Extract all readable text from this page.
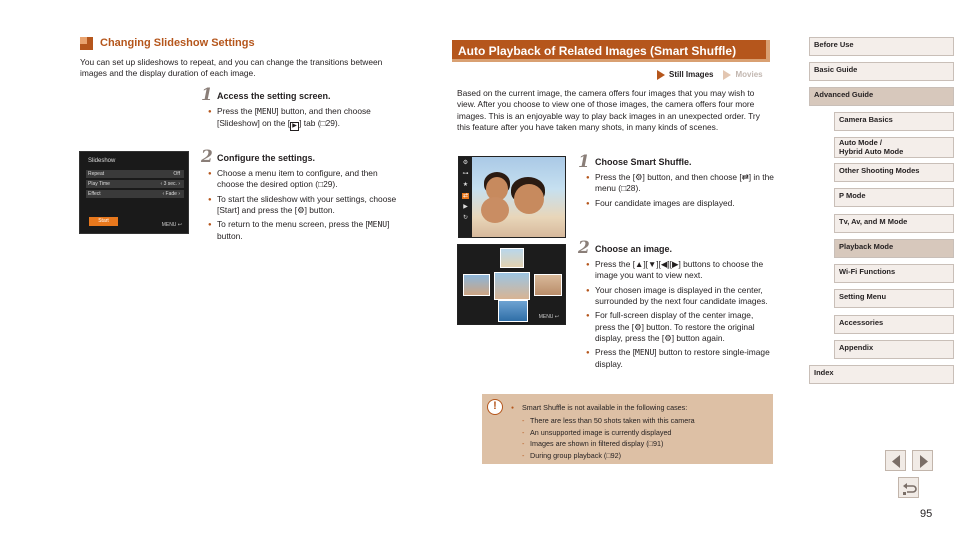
Changing Slideshow Settings
You can set up slideshows to repeat, and you can change the transitions between images and the display duration of each image.
1 Access the setting screen.
● Press the [MENU] button, and then choose [Slideshow] on the [ ▶ ] tab (□29).
2 Configure the settings.
● Choose a menu item to configure, and then choose the desired option (□29).
● To start the slideshow with your settings, choose [Start] and press the [⚙] button.
● To return to the menu screen, press the [MENU] button.
Slideshow
Repeat	Off
Play Time	‹ 3 sec. ›
Effect	‹ Fade ›
Start
MENU ↩
Auto Playback of Related Images (Smart Shuffle)
Still Images	Movies
Based on the current image, the camera offers four images that you may wish to view. After you choose to view one of those images, the camera offers four more images. This is an enjoyable way to play back images in an unexpected order. Try this feature after you have taken many shots, in many kinds of scenes.
⚙
⊶
★
⇄
▶
↻
MENU ↩
1 Choose Smart Shuffle.
● Press the [⚙] button, and then choose [⇄] in the menu (□28).
● Four candidate images are displayed.
2 Choose an image.
● Press the [▲][▼][◀][▶] buttons to choose the image you want to view next.
● Your chosen image is displayed in the center, surrounded by the next four candidate images.
● For full-screen display of the center image, press the [⚙] button. To restore the original display, press the [⚙] button again.
● Press the [MENU] button to restore single-image display.
!
●	Smart Shuffle is not available in the following cases:
- There are less than 50 shots taken with this camera
- An unsupported image is currently displayed
- Images are shown in filtered display (□91)
- During group playback (□92)
Before Use
Basic Guide
Advanced Guide
Camera Basics
Auto Mode /
Hybrid Auto Mode
Other Shooting Modes
P Mode
Tv, Av, and M Mode
Playback Mode
Wi-Fi Functions
Setting Menu
Accessories
Appendix
Index
95
